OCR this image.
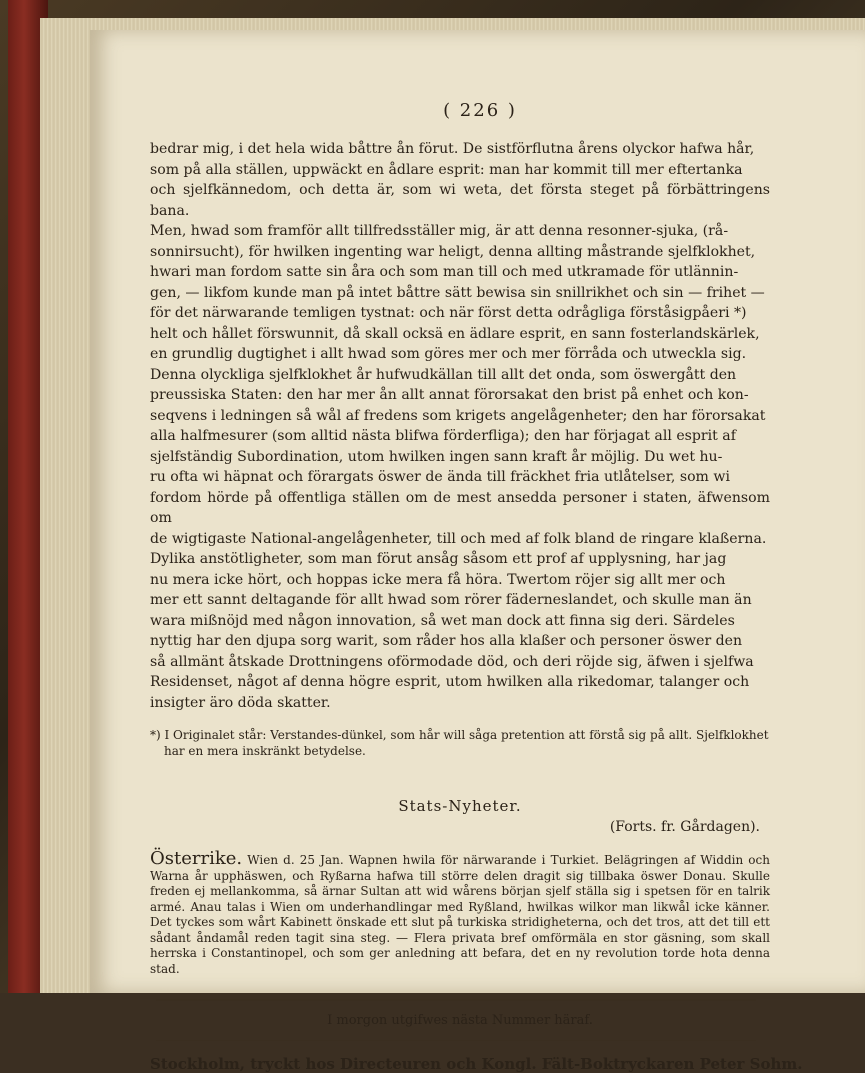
( 226 )

bedrar mig, i det hela wida båttre ån förut. De sistförflutna årens olyckor hafwa hår,

som på alla ställen, uppwäckt en ådlare esprit: man har kommit till mer eftertanka

och sjelfkännedom, och detta är, som wi weta, det första steget på förbättringens bana.

Men, hwad som framför allt tillfredsställer mig, är att denna resonner-sjuka, (rå-

sonnirsucht), för hwilken ingenting war heligt, denna allting måstrande sjelfklokhet,

hwari man fordom satte sin åra och som man till och med utkramade för utlännin-

gen, — likfom kunde man på intet båttre sätt bewisa sin snillrikhet och sin — frihet —

för det närwarande temligen tystnat: och när först detta odrågliga förståsigpåeri *)

helt och hållet förswunnit, då skall ocksä en ädlare esprit, en sann fosterlandskärlek,

en grundlig dugtighet i allt hwad som göres mer och mer förråda och utweckla sig.

Denna olyckliga sjelfklokhet år hufwudkällan till allt det onda, som öswergått den

preussiska Staten: den har mer ån allt annat förorsakat den brist på enhet och kon-

seqvens i ledningen så wål af fredens som krigets angelågenheter; den har förorsakat

alla halfmesurer (som alltid nästa blifwa förderfliga); den har förjagat all esprit af

sjelfständig Subordination, utom hwilken ingen sann kraft år möjlig. Du wet hu-

ru ofta wi häpnat och förargats öswer de ända till fräckhet fria utlåtelser, som wi

fordom hörde på offentliga ställen om de mest ansedda personer i staten, äfwensom om

de wigtigaste National-angelågenheter, till och med af folk bland de ringare klaßerna.

Dylika anstötligheter, som man förut ansåg såsom ett prof af upplysning, har jag

nu mera icke hört, och hoppas icke mera få höra. Twertom röjer sig allt mer och

mer ett sannt deltagande för allt hwad som rörer fäderneslandet, och skulle man än

wara mißnöjd med någon innovation, så wet man dock att finna sig deri. Särdeles

nyttig har den djupa sorg warit, som råder hos alla klaßer och personer öswer den

så allmänt åtskade Drottningens oförmodade död, och deri röjde sig, äfwen i sjelfwa

Residenset, något af denna högre esprit, utom hwilken alla rikedomar, talanger och

insigter äro döda skatter.

*) I Originalet står: Verstandes-dünkel, som hår will såga pretention att förstå sig på allt. Sjelfklokhet har en mera inskränkt betydelse.
Stats-Nyheter.
(Forts. fr. Gårdagen).
Österrike. Wien d. 25 Jan. Wapnen hwila för närwarande i Turkiet. Belägringen af Widdin och Warna år upphäswen, och Ryßarna hafwa till större delen dragit sig tillbaka öswer Donau. Skulle freden ej mellankomma, så ärnar Sultan att wid wårens början sjelf ställa sig i spetsen för en talrik armé. Anau talas i Wien om underhandlingar med Ryßland, hwilkas wilkor man likwål icke känner. Det tyckes som wårt Kabinett önskade ett slut på turkiska stridigheterna, och det tros, att det till ett sådant åndamål reden tagit sina steg. — Flera privata bref omförmäla en stor gäsning, som skall herrska i Constantinopel, och som ger anledning att befara, det en ny revolution torde hota denna stad.
I morgon utgifwes nästa Nummer häraf.
Stockholm, tryckt hos Directeuren och Kongl. Fält-Boktryckaren Peter Sohm.
